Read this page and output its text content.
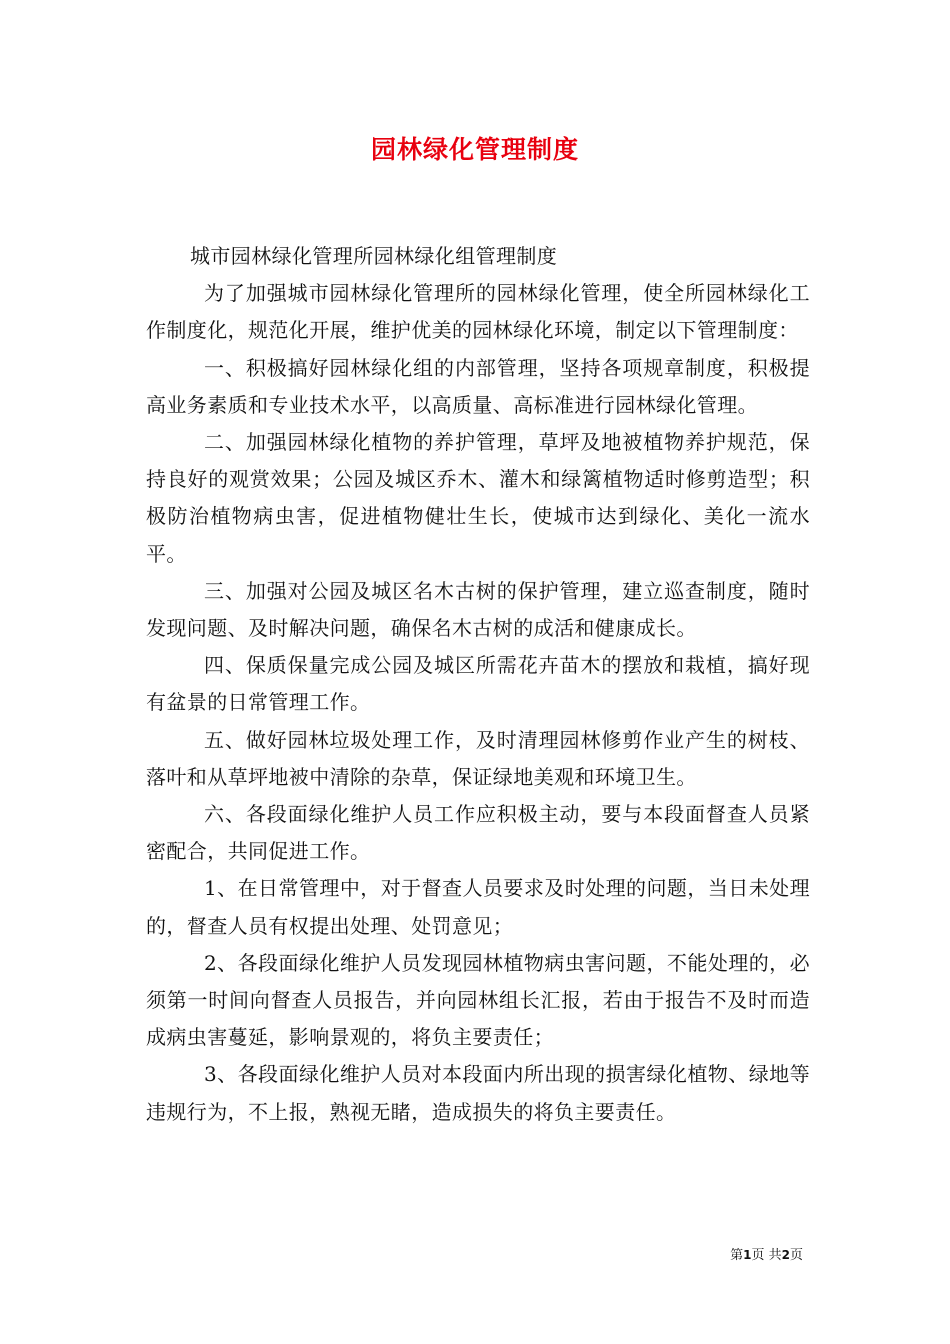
园林绿化管理制度

城市园林绿化管理所园林绿化组管理制度

为了加强城市园林绿化管理所的园林绿化管理，使全所园林绿化工作制度化，规范化开展，维护优美的园林绿化环境，制定以下管理制度：

一、积极搞好园林绿化组的内部管理，坚持各项规章制度，积极提高业务素质和专业技术水平，以高质量、高标准进行园林绿化管理。

二、加强园林绿化植物的养护管理，草坪及地被植物养护规范，保持良好的观赏效果；公园及城区乔木、灌木和绿篱植物适时修剪造型；积极防治植物病虫害，促进植物健壮生长，使城市达到绿化、美化一流水平。

三、加强对公园及城区名木古树的保护管理，建立巡查制度，随时发现问题、及时解决问题，确保名木古树的成活和健康成长。

四、保质保量完成公园及城区所需花卉苗木的摆放和栽植，搞好现有盆景的日常管理工作。

五、做好园林垃圾处理工作，及时清理园林修剪作业产生的树枝、落叶和从草坪地被中清除的杂草，保证绿地美观和环境卫生。

六、各段面绿化维护人员工作应积极主动，要与本段面督查人员紧密配合，共同促进工作。

1、在日常管理中，对于督查人员要求及时处理的问题，当日未处理的，督查人员有权提出处理、处罚意见；

2、各段面绿化维护人员发现园林植物病虫害问题，不能处理的，必须第一时间向督查人员报告，并向园林组长汇报，若由于报告不及时而造成病虫害蔓延，影响景观的，将负主要责任；

3、各段面绿化维护人员对本段面内所出现的损害绿化植物、绿地等违规行为，不上报，熟视无睹，造成损失的将负主要责任。

第1页 共2页
